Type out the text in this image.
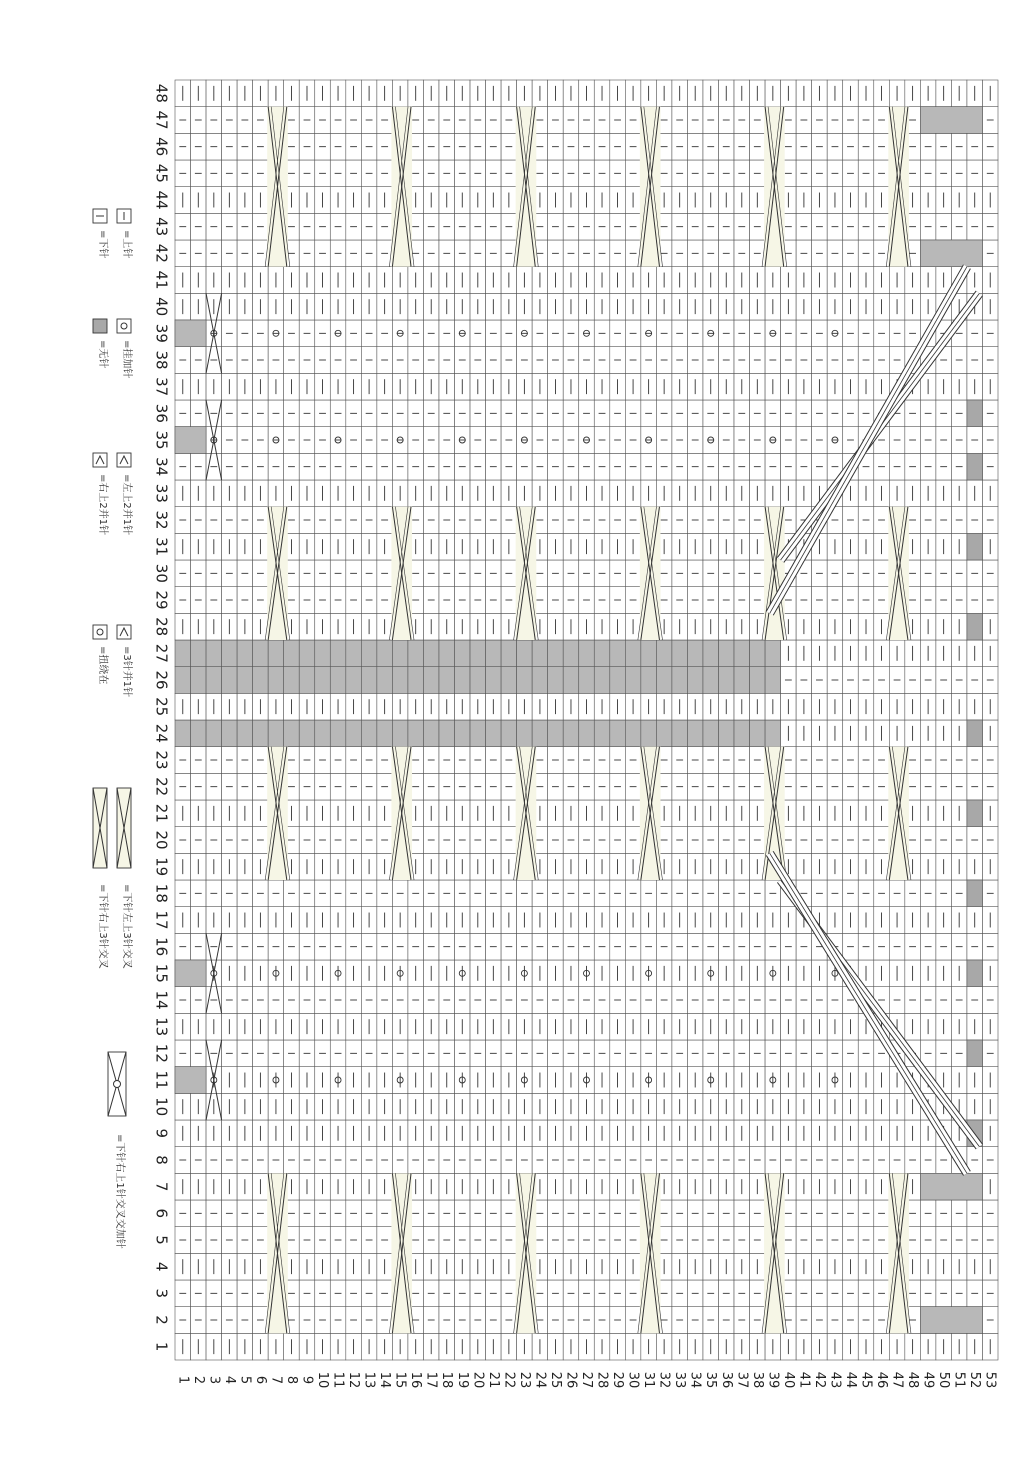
1
2
3
4
5
6
7
8
9
10
11
12
13
14
15
16
17
18
19
20
21
22
23
24
25
26
27
28
29
30
31
32
33
34
35
36
37
38
39
40
41
42
43
44
45
46
47
48
1 2 3 4 5 6 7 8 9 10 11 12 13 14 15 16 17 18 19 20 21 22 23 24 25 26 27 28 29 30 31 32 33 34 35 36 37 38 39 40 41 42 43 44 45 46 47 48 49 50 51 52 53
=上针
=下针
=挂加针
=无针
=左上2并1针
=右上2并1针
=3针并1针
=扭绕在
=下针左上3针交叉
=下针右上3针交叉
=下针右上1针交叉交加针
